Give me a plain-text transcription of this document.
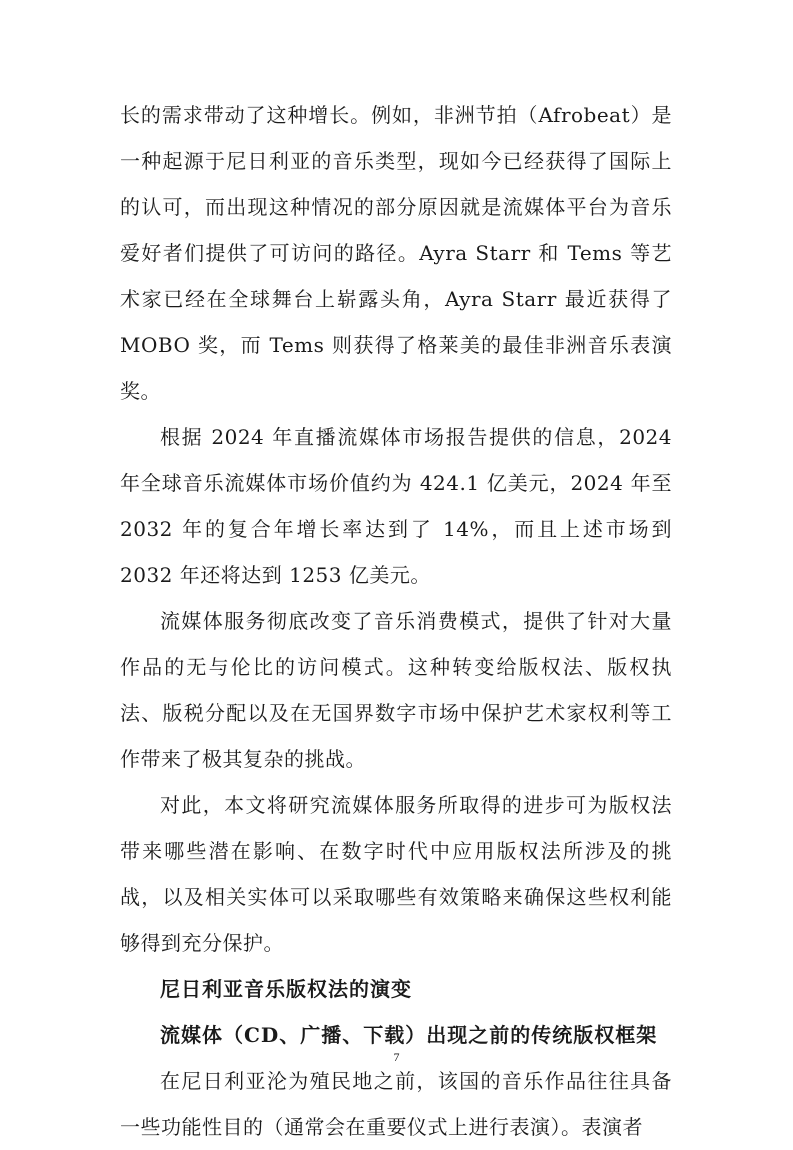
长的需求带动了这种增长。例如，非洲节拍（Afrobeat）是一种起源于尼日利亚的音乐类型，现如今已经获得了国际上的认可，而出现这种情况的部分原因就是流媒体平台为音乐爱好者们提供了可访问的路径。Ayra Starr 和 Tems 等艺术家已经在全球舞台上崭露头角，Ayra Starr 最近获得了 MOBO 奖，而 Tems 则获得了格莱美的最佳非洲音乐表演奖。

根据 2024 年直播流媒体市场报告提供的信息，2024 年全球音乐流媒体市场价值约为 424.1 亿美元，2024 年至 2032 年的复合年增长率达到了 14%，而且上述市场到 2032 年还将达到 1253 亿美元。

流媒体服务彻底改变了音乐消费模式，提供了针对大量作品的无与伦比的访问模式。这种转变给版权法、版权执法、版税分配以及在无国界数字市场中保护艺术家权利等工作带来了极其复杂的挑战。

对此，本文将研究流媒体服务所取得的进步可为版权法带来哪些潜在影响、在数字时代中应用版权法所涉及的挑战，以及相关实体可以采取哪些有效策略来确保这些权利能够得到充分保护。

尼日利亚音乐版权法的演变
流媒体（CD、广播、下载）出现之前的传统版权框架

在尼日利亚沦为殖民地之前，该国的音乐作品往往具备一些功能性目的（通常会在重要仪式上进行表演）。表演者

7
